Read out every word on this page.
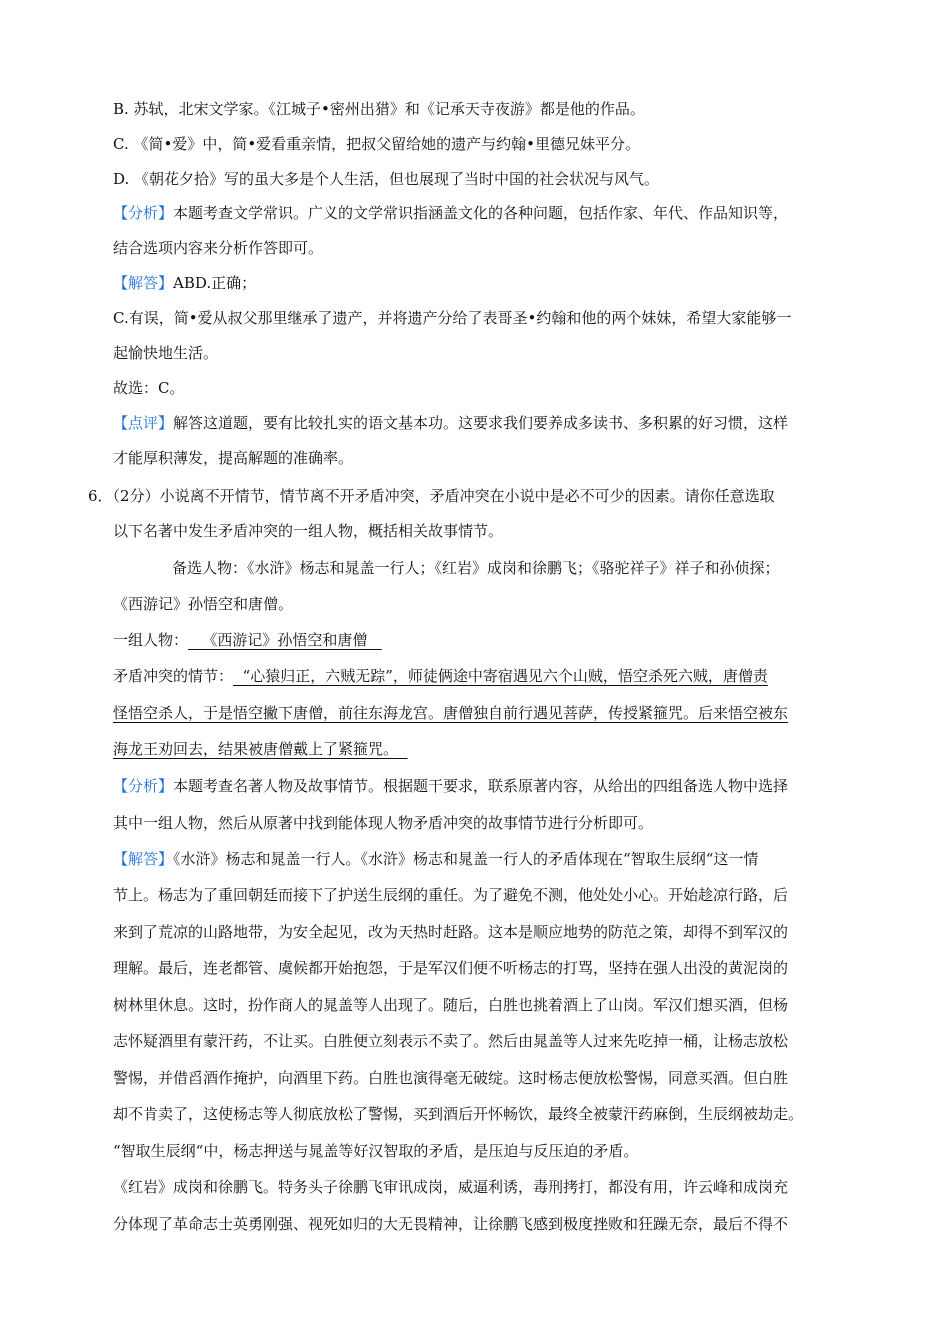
B. 苏轼，北宋文学家。《江城子•密州出猎》和《记承天寺夜游》都是他的作品。
C. 《简•爱》中，简•爱看重亲情，把叔父留给她的遗产与约翰•里德兄妹平分。
D. 《朝花夕拾》写的虽大多是个人生活，但也展现了当时中国的社会状况与风气。
【分析】本题考查文学常识。广义的文学常识指涵盖文化的各种问题，包括作家、年代、作品知识等，
结合选项内容来分析作答即可。
【解答】ABD.正确；
C.有误，简•爱从叔父那里继承了遗产，并将遗产分给了表哥圣•约翰和他的两个妹妹，希望大家能够一
起愉快地生活。
故选：C。
【点评】解答这道题，要有比较扎实的语文基本功。这要求我们要养成多读书、多积累的好习惯，这样
才能厚积薄发，提高解题的准确率。
6．（2分）小说离不开情节，情节离不开矛盾冲突，矛盾冲突在小说中是必不可少的因素。请你任意选取
以下名著中发生矛盾冲突的一组人物，概括相关故事情节。
备选人物：《水浒》杨志和晁盖一行人；《红岩》成岗和徐鹏飞；《骆驼祥子》祥子和孙侦探；
《西游记》孙悟空和唐僧。
一组人物：   《西游记》孙悟空和唐僧
矛盾冲突的情节：  “心猿归正，六贼无踪”，师徒俩途中寄宿遇见六个山贼，悟空杀死六贼，唐僧责
怪悟空杀人，于是悟空撇下唐僧，前往东海龙宫。唐僧独自前行遇见菩萨，传授紧箍咒。后来悟空被东
海龙王劝回去，结果被唐僧戴上了紧箍咒。
【分析】本题考查名著人物及故事情节。根据题干要求，联系原著内容，从给出的四组备选人物中选择
其中一组人物，然后从原著中找到能体现人物矛盾冲突的故事情节进行分析即可。
【解答】《水浒》杨志和晁盖一行人。《水浒》杨志和晁盖一行人的矛盾体现在“智取生辰纲“这一情
节上。杨志为了重回朝廷而接下了护送生辰纲的重任。为了避免不测，他处处小心。开始趁凉行路，后
来到了荒凉的山路地带，为安全起见，改为天热时赶路。这本是顺应地势的防范之策，却得不到军汉的
理解。最后，连老都管、虞候都开始抱怨，于是军汉们便不听杨志的打骂，坚持在强人出没的黄泥岗的
树林里休息。这时，扮作商人的晁盖等人出现了。随后，白胜也挑着酒上了山岗。军汉们想买酒，但杨
志怀疑酒里有蒙汗药，不让买。白胜便立刻表示不卖了。然后由晁盖等人过来先吃掉一桶，让杨志放松
警惕，并借舀酒作掩护，向酒里下药。白胜也演得毫无破绽。这时杨志便放松警惕，同意买酒。但白胜
却不肯卖了，这使杨志等人彻底放松了警惕，买到酒后开怀畅饮，最终全被蒙汗药麻倒，生辰纲被劫走。
“智取生辰纲“中，杨志押送与晁盖等好汉智取的矛盾，是压迫与反压迫的矛盾。
《红岩》成岗和徐鹏飞。特务头子徐鹏飞审讯成岗，威逼利诱，毒刑拷打，都没有用，许云峰和成岗充
分体现了革命志士英勇刚强、视死如归的大无畏精神，让徐鹏飞感到极度挫败和狂躁无奈，最后不得不
